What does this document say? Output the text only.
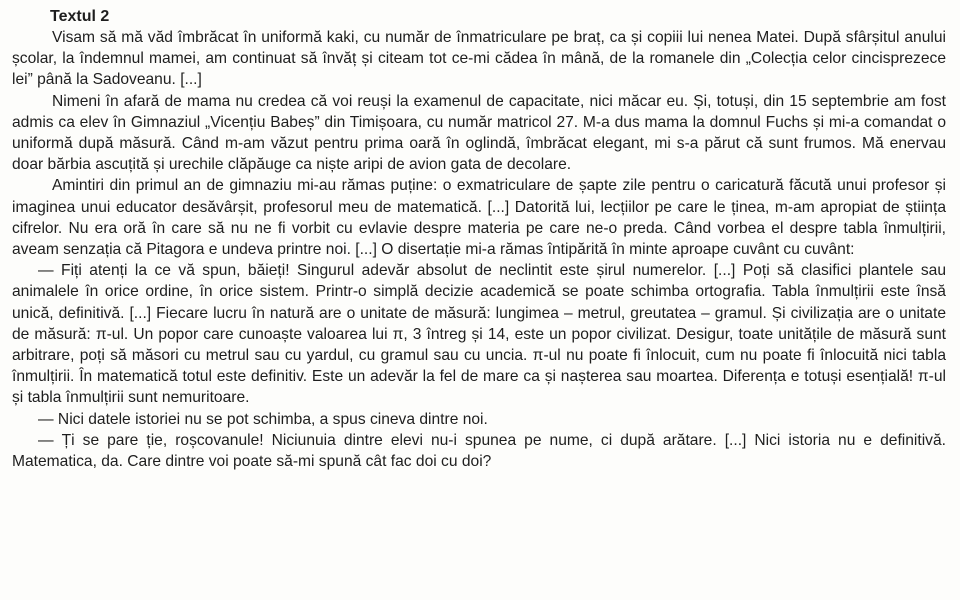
Textul 2

Visam să mă văd îmbrăcat în uniformă kaki, cu număr de înmatriculare pe braț, ca și copiii lui nenea Matei. După sfârșitul anului școlar, la îndemnul mamei, am continuat să învăț și citeam tot ce-mi cădea în mână, de la romanele din „Colecția celor cincisprezece lei” până la Sadoveanu. [...]

Nimeni în afară de mama nu credea că voi reuși la examenul de capacitate, nici măcar eu. Și, totuși, din 15 septembrie am fost admis ca elev în Gimnaziul „Vicențiu Babeș” din Timișoara, cu număr matricol 27. M-a dus mama la domnul Fuchs și mi-a comandat o uniformă după măsură. Când m-am văzut pentru prima oară în oglindă, îmbrăcat elegant, mi s-a părut că sunt frumos. Mă enervau doar bărbia ascuțită și urechile clăpăuge ca niște aripi de avion gata de decolare.

Amintiri din primul an de gimnaziu mi-au rămas puține: o exmatriculare de șapte zile pentru o caricatură făcută unui profesor și imaginea unui educator desăvârșit, profesorul meu de matematică. [...] Datorită lui, lecțiilor pe care le ținea, m-am apropiat de știința cifrelor. Nu era oră în care să nu ne fi vorbit cu evlavie despre materia pe care ne-o preda. Când vorbea el despre tabla înmulțirii, aveam senzația că Pitagora e undeva printre noi. [...] O disertație mi-a rămas întipărită în minte aproape cuvânt cu cuvânt:

— Fiți atenți la ce vă spun, băieți! Singurul adevăr absolut de neclintit este șirul numerelor. [...] Poți să clasifici plantele sau animalele în orice ordine, în orice sistem. Printr-o simplă decizie academică se poate schimba ortografia. Tabla înmulțirii este însă unică, definitivă. [...] Fiecare lucru în natură are o unitate de măsură: lungimea – metrul, greutatea – gramul. Și civilizația are o unitate de măsură: π-ul. Un popor care cunoaște valoarea lui π, 3 întreg și 14, este un popor civilizat. Desigur, toate unitățile de măsură sunt arbitrare, poți să măsori cu metrul sau cu yardul, cu gramul sau cu uncia. π-ul nu poate fi înlocuit, cum nu poate fi înlocuită nici tabla înmulțirii. În matematică totul este definitiv. Este un adevăr la fel de mare ca și nașterea sau moartea. Diferența e totuși esențială! π-ul și tabla înmulțirii sunt nemuritoare.

— Nici datele istoriei nu se pot schimba, a spus cineva dintre noi.

— Ți se pare ție, roșcovanule! Niciunuia dintre elevi nu-i spunea pe nume, ci după arătare. [...] Nici istoria nu e definitivă. Matematica, da. Care dintre voi poate să-mi spună cât fac doi cu doi?
